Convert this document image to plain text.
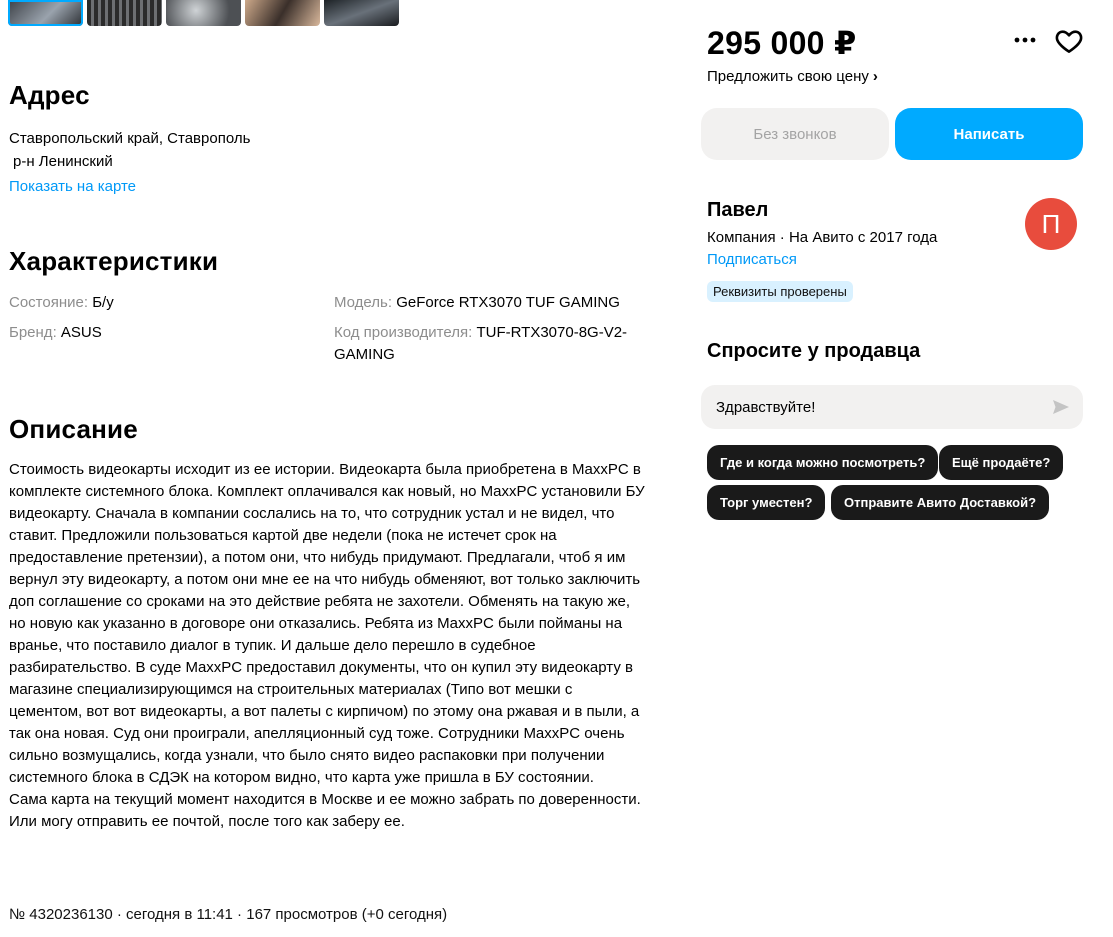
Адрес
Ставропольский край, Ставрополь
р-н Ленинский
Показать на карте
Характеристики
Состояние: Б/у
Бренд: ASUS
Модель: GeForce RTX3070 TUF GAMING
Код производителя: TUF-RTX3070-8G-V2-GAMING
Описание

Стоимость видеокарты исходит из ее истории. Видеокарта была приобретена в MaxxPC в комплекте системного блока. Комплект оплачивался как новый, но MaxxPC установили БУ видеокарту. Сначала в компании сослались на то, что сотрудник устал и не видел, что ставит. Предложили пользоваться картой две недели (пока не истечет срок на предоставление претензии), а потом они, что нибудь придумают. Предлагали, чтоб я им вернул эту видеокарту, а потом они мне ее на что нибудь обменяют, вот только заключить доп соглашение со сроками на это действие ребята не захотели. Обменять на такую же, но новую как указанно в договоре они отказались. Ребята из MaxxPC были пойманы на вранье, что поставило диалог в тупик. И дальше дело перешло в судебное разбирательство. В суде MaxxPC предоставил документы, что он купил эту видеокарту в магазине специализирующимся на строительных материалах (Типо вот мешки с цементом, вот вот видеокарты, а вот палеты с кирпичом) по этому она ржавая и в пыли, а так она новая. Суд они проиграли, апелляционный суд тоже. Сотрудники MaxxPC очень сильно возмущались, когда узнали, что было снято видео распаковки при получении системного блока в СДЭК на котором видно, что карта уже пришла в БУ состоянии.

Сама карта на текущий момент находится в Москве и ее можно забрать по доверенности. Или могу отправить ее почтой, после того как заберу ее.

№ 4320236130 · сегодня в 11:41 · 167 просмотров (+0 сегодня)
295 000 ₽
Предложить свою цену ›
Без звонков	Написать
Павел
Компания · На Авито с 2017 года
Подписаться
Реквизиты проверены
П
Спросите у продавца
Здравствуйте!
Где и когда можно посмотреть?	Ещё продаёте?
Торг уместен?	Отправите Авито Доставкой?
